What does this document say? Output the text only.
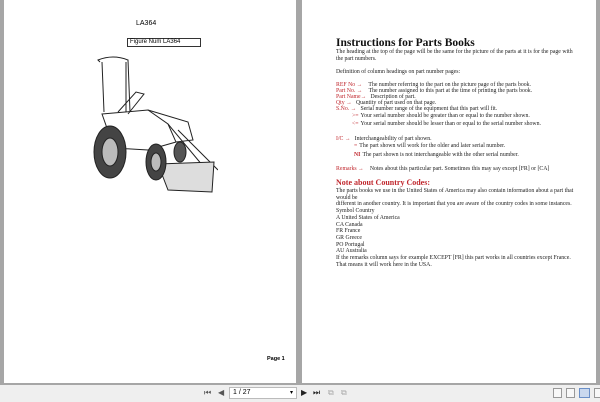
LA364
Figure Num LA364
Page 1
Instructions for Parts Books
The heading at the top of the page will be the same for the picture of the parts at it is for the page with
the part numbers.
Definition of column headings on part number pages:
REF No → The number referring to the part on the picture page of the parts book.
Part No. → The number assigned to this part at the time of printing the parts book.
Part Name→ Description of part.
Qty → Quantity of part used on that page.
S.No. → Serial number range of the equipment that this part will fit.
>= Your serial number should be greater than or equal to the number shown.
<= Your serial number should be lesser than or equal to the serial number shown.
I/C → Interchangeability of part shown.
= The part shown will work for the older and later serial number.
NI The part shown is not interchangeable with the other serial number.
Remarks → Notes about this particular part. Sometimes this may say except [FR] or [CA]
Note about Country Codes:
The parts books we use in the United States of America may also contain information about a part that
would be
different in another country. It is important that you are aware of the country codes in some instances.
Symbol Country
A United States of America
CA Canada
FR France
GR Greece
PO Portugal
AU Australia
If the remarks column says for example EXCEPT [FR] this part works in all countries except France.
That means it will work here in the USA.
⏮ ◀	1 / 27	▾ ▶ ⏭ ⧉ ⧉
